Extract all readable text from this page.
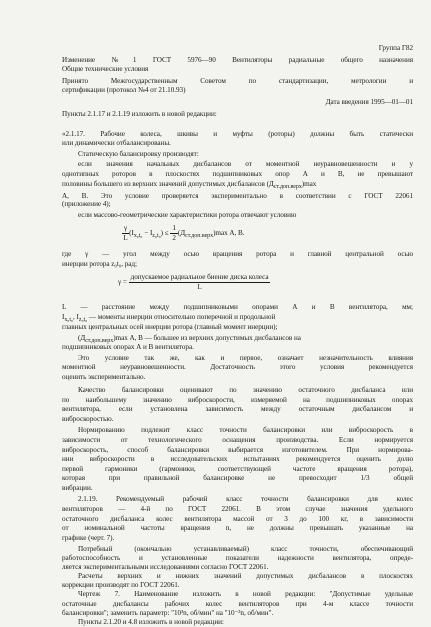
Группа Г82
Изменение №1 ГОСТ 5976—90 Вентиляторы радиальные общего назначения
Общие технические условия
Принято Межгосударственным Советом по стандартизации, метрологии и
сертификации (протокол №4 от 21.10.93)
Дата введения 1995—01—01
Пункты 2.1.17 и 2.1.19 изложить в новой редакции:
«2.1.17. Рабочие колеса, шкивы и муфты (роторы) должны быть статически
или динамически отбалансированы.
Статическую балансировку производят:
если значения начальных дисбалансов от моментной неуравновешенности и у
однотипных роторов в плоскостях подшипниковых опор А и В, не превышают
половины большего из верхних значений допустимых дисбалансов $(Д_{ст.доп.верх})\max$
А, В. Это условие проверяется экспериментально в соответствии с ГОСТ 22061
(приложение 4);
если массово-геометрические характеристики ротора отвечают условию
$\frac{\gamma}{L} (I_{x_0t_0} - I_{z_0t_0}) \le \frac{1}{2} (Д_{ст.доп.верх})\max$ А, В.
где γ — угол между осью вращения ротора и главной центральной осью
инерции ротора z₀t₀, рад;
$\gamma = \frac{\text{допускаемое радиальное биение диска колеса}}{L}$
L — расстояние между подшипниковыми опорами А и В вентилятора, мм;
$I_{x_0t_0}$, $I_{z_0t_0}$ — моменты инерции относительно поперечной и продольной
главных центральных осей инерции ротора (главный момент инерции);
$(Д_{ст.доп.верх})\max$ А, В — большее из верхних допустимых дисбалансов на
подшипниковых опорах А и В вентилятора.
Это условие так же, как и первое, означает незначительность влияния
моментной неуравновешенности. Достаточность этого условия рекомендуется
оценить экспериментально.
Качество балансировки оценивают по значению остаточного дисбаланса или
по наибольшему значению виброскорости, измеряемой на подшипниковых опорах
вентилятора, если установлена зависимость между остаточным дисбалансом и
виброскоростью.
Нормированию подлежит класс точности балансировки или виброскорость в
зависимости от технологического оснащения производства. Если нормируется
виброскорость, способ балансировки выбирается изготовителем. При нормирова-
нии виброскорости в исследовательских испытаниях рекомендуется оценить долю
первой гармоники (гармоники, соответствующей частоте вращения ротора),
которая при правильной балансировке не превосходит 1/3 общей
вибрации.
2.1.19. Рекомендуемый рабочий класс точности балансировки для колес
вентиляторов — 4-й по ГОСТ 22061. В этом случае значения удельного
остаточного дисбаланса колес вентилятора массой от 3 до 100 кг, в зависимости
от номинальной частоты вращения n, не должны превышать указанные на
графике (черт. 7).
Потребный (окончально устанавливаемый) класс точности, обеспечивающий
работоспособность и установленные показатели надежности вентилятора, опреде-
ляется экспериментальными исследованиями согласно ГОСТ 22061.
Расчеты верхних и нижних значений допустимых дисбалансов в плоскостях
коррекции производят по ГОСТ 22061.
Чертеж 7. Наименование изложить в новой редакции: "Допустимые удельные
остаточные дисбалансы рабочих колес вентиляторов при 4-м классе точности
балансировки"; заменить параметр: "10³n, об/мин" на "10⁻³n, об/мин".
Пункты 2.1.20 и 4.8 изложить в новой редакции:
